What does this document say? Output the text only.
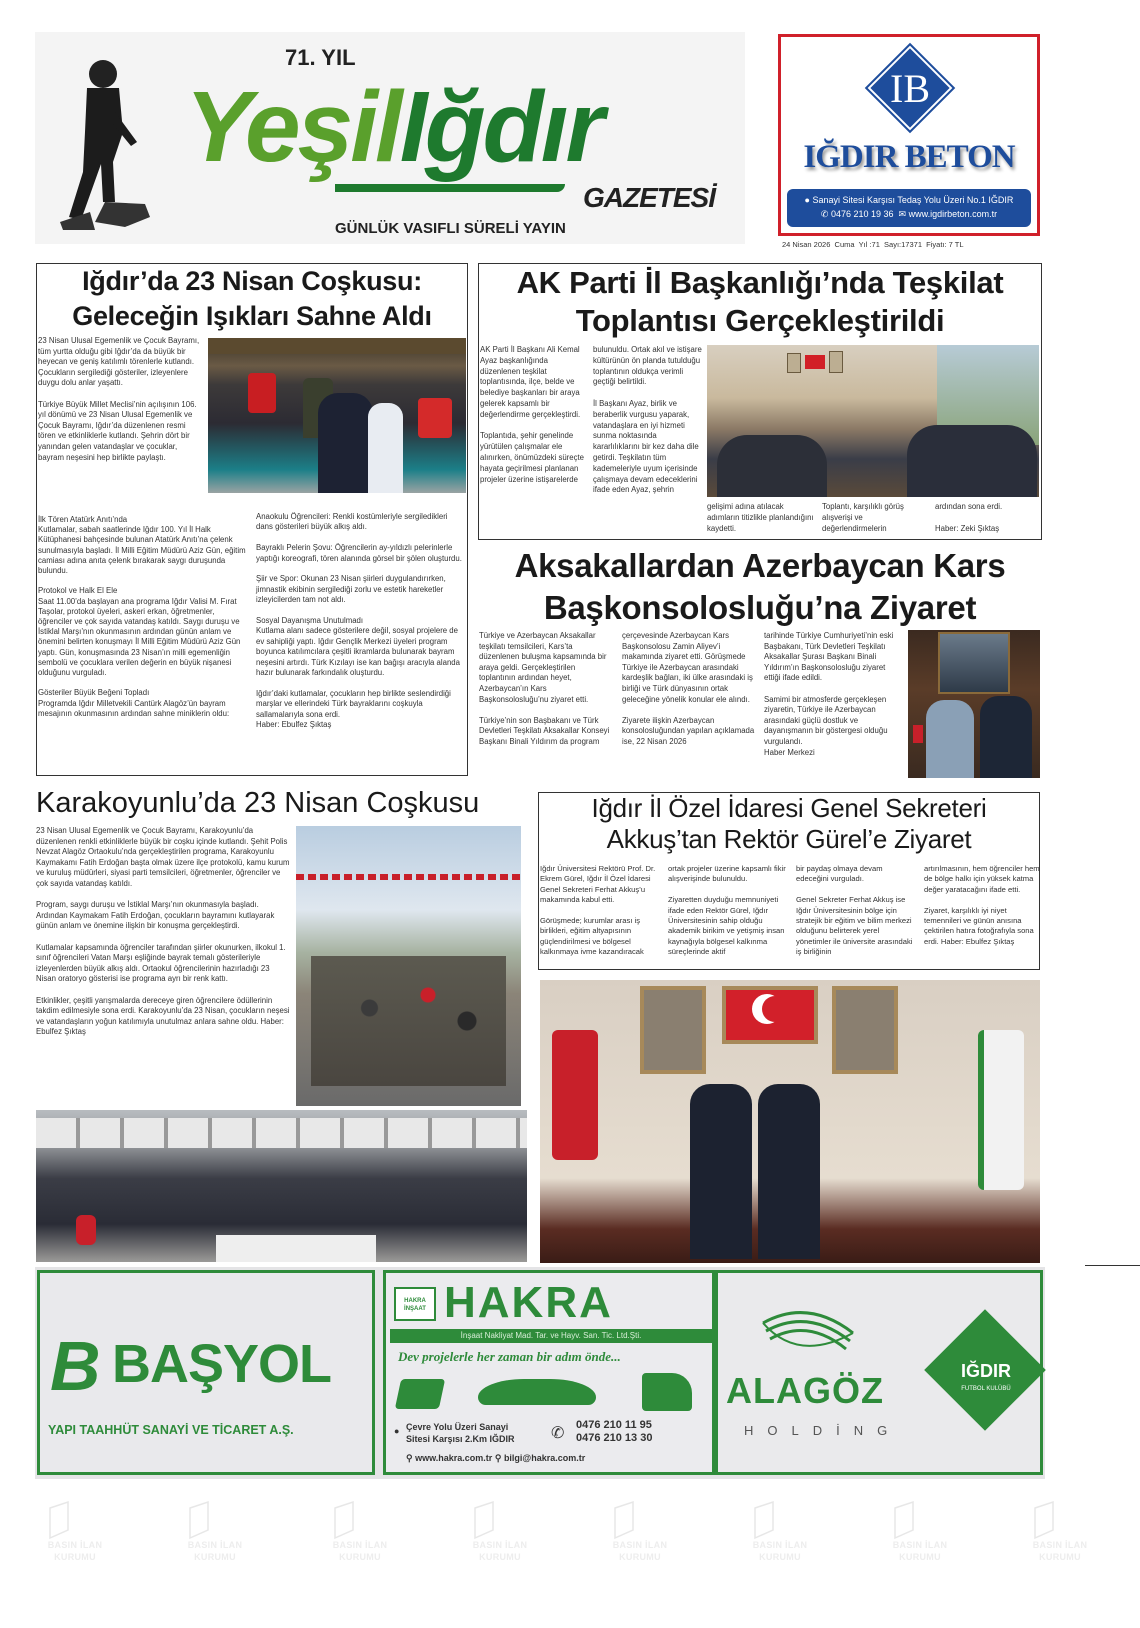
71. YIL
YeşilIğdır
GAZETESİ
GÜNLÜK VASIFLI SÜRELİ YAYIN
IB
IĞDIR BETON
● Sanayi Sitesi Karşısı Tedaş Yolu Üzeri No.1 IĞDIR
✆ 0476 210 19 36 ✉ www.igdirbeton.com.tr
24 Nisan 2026 Cuma Yıl :71 Sayı:17371 Fiyatı: 7 TL
Iğdır’da 23 Nisan Coşkusu:
Geleceğin Işıkları Sahne Aldı
23 Nisan Ulusal Egemenlik ve Çocuk Bayramı, tüm yurtta olduğu gibi Iğdır’da da büyük bir heyecan ve geniş katılımlı törenlerle kutlandı. Çocukların sergilediği gösteriler, izleyenlere duygu dolu anlar yaşattı.

Türkiye Büyük Millet Meclisi’nin açılışının 106. yıl dönümü ve 23 Nisan Ulusal Egemenlik ve Çocuk Bayramı, Iğdır’da düzenlenen resmi tören ve etkinliklerle kutlandı. Şehrin dört bir yanından gelen vatandaşlar ve çocuklar, bayram neşesini hep birlikte paylaştı.
İlk Tören Atatürk Anıtı’nda
Kutlamalar, sabah saatlerinde Iğdır 100. Yıl İl Halk Kütüphanesi bahçesinde bulunan Atatürk Anıtı’na çelenk sunulmasıyla başladı. İl Milli Eğitim Müdürü Aziz Gün, eğitim camiası adına anıta çelenk bırakarak saygı duruşunda bulundu.

Protokol ve Halk El Ele
Saat 11.00’da başlayan ana programa Iğdır Valisi M. Fırat Taşolar, protokol üyeleri, askeri erkan, öğretmenler, öğrenciler ve çok sayıda vatandaş katıldı. Saygı duruşu ve İstiklal Marşı’nın okunmasının ardından günün anlam ve önemini belirten konuşmayı İl Milli Eğitim Müdürü Aziz Gün yaptı. Gün, konuşmasında 23 Nisan’ın milli egemenliğin sembolü ve çocuklara verilen değerin en büyük nişanesi olduğunu vurguladı.

Gösteriler Büyük Beğeni Topladı
Programda Iğdır Milletvekili Cantürk Alagöz’ün bayram mesajının okunmasının ardından sahne miniklerin oldu:
Anaokulu Öğrencileri: Renkli kostümleriyle sergiledikleri dans gösterileri büyük alkış aldı.

Bayraklı Pelerin Şovu: Öğrencilerin ay-yıldızlı pelerinlerle yaptığı koreografi, tören alanında görsel bir şölen oluşturdu.

Şiir ve Spor: Okunan 23 Nisan şiirleri duygulandırırken, jimnastik ekibinin sergilediği zorlu ve estetik hareketler izleyicilerden tam not aldı.

Sosyal Dayanışma Unutulmadı
Kutlama alanı sadece gösterilere değil, sosyal projelere de ev sahipliği yaptı. Iğdır Gençlik Merkezi üyeleri program boyunca katılımcılara çeşitli ikramlarda bulunarak bayram neşesini artırdı. Türk Kızılayı ise kan bağışı aracıyla alanda hazır bulunarak farkındalık oluşturdu.

Iğdır’daki kutlamalar, çocukların hep birlikte seslendirdiği marşlar ve ellerindeki Türk bayraklarını coşkuyla sallamalarıyla sona erdi.
Haber: Ebulfez Şıktaş
AK Parti İl Başkanlığı’nda Teşkilat
Toplantısı Gerçekleştirildi
AK Parti İl Başkanı Ali Kemal Ayaz başkanlığında düzenlenen teşkilat toplantısında, ilçe, belde ve belediye başkanları bir araya gelerek kapsamlı bir değerlendirme gerçekleştirdi.

Toplantıda, şehir genelinde yürütülen çalışmalar ele alınırken, önümüzdeki süreçte hayata geçirilmesi planlanan projeler üzerine istişarelerde
bulunuldu. Ortak akıl ve istişare kültürünün ön planda tutulduğu toplantının oldukça verimli geçtiği belirtildi.

İl Başkanı Ayaz, birlik ve beraberlik vurgusu yaparak, vatandaşlara en iyi hizmeti sunma noktasında kararlılıklarını bir kez daha dile getirdi. Teşkilatın tüm kademeleriyle uyum içerisinde çalışmaya devam edeceklerini ifade eden Ayaz, şehrin
gelişimi adına atılacak adımların titizlikle planlandığını kaydetti.
Toplantı, karşılıklı görüş alışverişi ve değerlendirmelerin
ardından sona erdi.

Haber: Zeki Şıktaş
Aksakallardan Azerbaycan Kars
Başkonsolosluğu’na Ziyaret
Türkiye ve Azerbaycan Aksakallar teşkilatı temsilcileri, Kars’ta düzenlenen buluşma kapsamında bir araya geldi. Gerçekleştirilen toplantının ardından heyet, Azerbaycan’ın Kars Başkonsolosluğu’nu ziyaret etti.

Türkiye’nin son Başbakanı ve Türk Devletleri Teşkilatı Aksakallar Konseyi Başkanı Binali Yıldırım da program
çerçevesinde Azerbaycan Kars Başkonsolosu Zamin Aliyev’i makamında ziyaret etti. Görüşmede Türkiye ile Azerbaycan arasındaki kardeşlik bağları, iki ülke arasındaki iş birliği ve Türk dünyasının ortak geleceğine yönelik konular ele alındı.

Ziyarete ilişkin Azerbaycan konsolosluğundan yapılan açıklamada ise, 22 Nisan 2026
tarihinde Türkiye Cumhuriyeti’nin eski Başbakanı, Türk Devletleri Teşkilatı Aksakallar Şurası Başkanı Binali Yıldırım’ın Başkonsolosluğu ziyaret ettiği ifade edildi.

Samimi bir atmosferde gerçekleşen ziyaretin, Türkiye ile Azerbaycan arasındaki güçlü dostluk ve dayanışmanın bir göstergesi olduğu vurgulandı.
Haber Merkezi
Karakoyunlu’da 23 Nisan Coşkusu
23 Nisan Ulusal Egemenlik ve Çocuk Bayramı, Karakoyunlu’da düzenlenen renkli etkinliklerle büyük bir coşku içinde kutlandı. Şehit Polis Nevzat Alagöz Ortaokulu’nda gerçekleştirilen programa, Karakoyunlu Kaymakamı Fatih Erdoğan başta olmak üzere ilçe protokolü, kamu kurum ve kuruluş müdürleri, siyasi parti temsilcileri, öğretmenler, öğrenciler ve çok sayıda vatandaş katıldı.

Program, saygı duruşu ve İstiklal Marşı’nın okunmasıyla başladı. Ardından Kaymakam Fatih Erdoğan, çocukların bayramını kutlayarak günün anlam ve önemine ilişkin bir konuşma gerçekleştirdi.

Kutlamalar kapsamında öğrenciler tarafından şiirler okunurken, ilkokul 1. sınıf öğrencileri Vatan Marşı eşliğinde bayrak temalı gösterileriyle izleyenlerden büyük alkış aldı. Ortaokul öğrencilerinin hazırladığı 23 Nisan oratoryo gösterisi ise programa ayrı bir renk kattı.

Etkinlikler, çeşitli yarışmalarda dereceye giren öğrencilere ödüllerinin takdim edilmesiyle sona erdi. Karakoyunlu’da 23 Nisan, çocukların neşesi ve vatandaşların yoğun katılımıyla unutulmaz anlara sahne oldu. Haber: Ebulfez Şıktaş
Iğdır İl Özel İdaresi Genel Sekreteri
Akkuş’tan Rektör Gürel’e Ziyaret
Iğdır Üniversitesi Rektörü Prof. Dr. Ekrem Gürel, Iğdır İl Özel İdaresi Genel Sekreteri Ferhat Akkuş’u makamında kabul etti.

Görüşmede; kurumlar arası iş birlikleri, eğitim altyapısının güçlendirilmesi ve bölgesel kalkınmaya ivme kazandıracak
ortak projeler üzerine kapsamlı fikir alışverişinde bulunuldu.

Ziyaretten duyduğu memnuniyeti ifade eden Rektör Gürel, Iğdır Üniversitesinin sahip olduğu akademik birikim ve yetişmiş insan kaynağıyla bölgesel kalkınma süreçlerinde aktif
bir paydaş olmaya devam edeceğini vurguladı.

Genel Sekreter Ferhat Akkuş ise Iğdır Üniversitesinin bölge için stratejik bir eğitim ve bilim merkezi olduğunu belirterek yerel yönetimler ile üniversite arasındaki iş birliğinin
artırılmasının, hem öğrenciler hem de bölge halkı için yüksek katma değer yaratacağını ifade etti.

Ziyaret, karşılıklı iyi niyet temennileri ve günün anısına çektirilen hatıra fotoğrafıyla sona erdi. Haber: Ebulfez Şıktaş
B BAŞYOL
YAPI TAAHHÜT SANAYİ VE TİCARET A.Ş.
HAKRA
İNŞAAT HAKRA
İnşaat Nakliyat Mad. Tar. ve Hayv. San. Tic. Ltd.Şti.
Dev projelerle her zaman bir adım önde...
● Çevre Yolu Üzeri Sanayi
Sitesi Karşısı 2.Km IĞDIR ✆ 0476 210 11 95
0476 210 13 30
⚲ www.hakra.com.tr ⚲ bilgi@hakra.com.tr
ALAGÖZ
HOLDİNG
IĞDIR
FUTBOL KULÜBÜ
BASIN İLAN
KURUMU
BASIN İLAN
KURUMU
BASIN İLAN
KURUMU
BASIN İLAN
KURUMU
BASIN İLAN
KURUMU
BASIN İLAN
KURUMU
BASIN İLAN
KURUMU
BASIN İLAN
KURUMU
